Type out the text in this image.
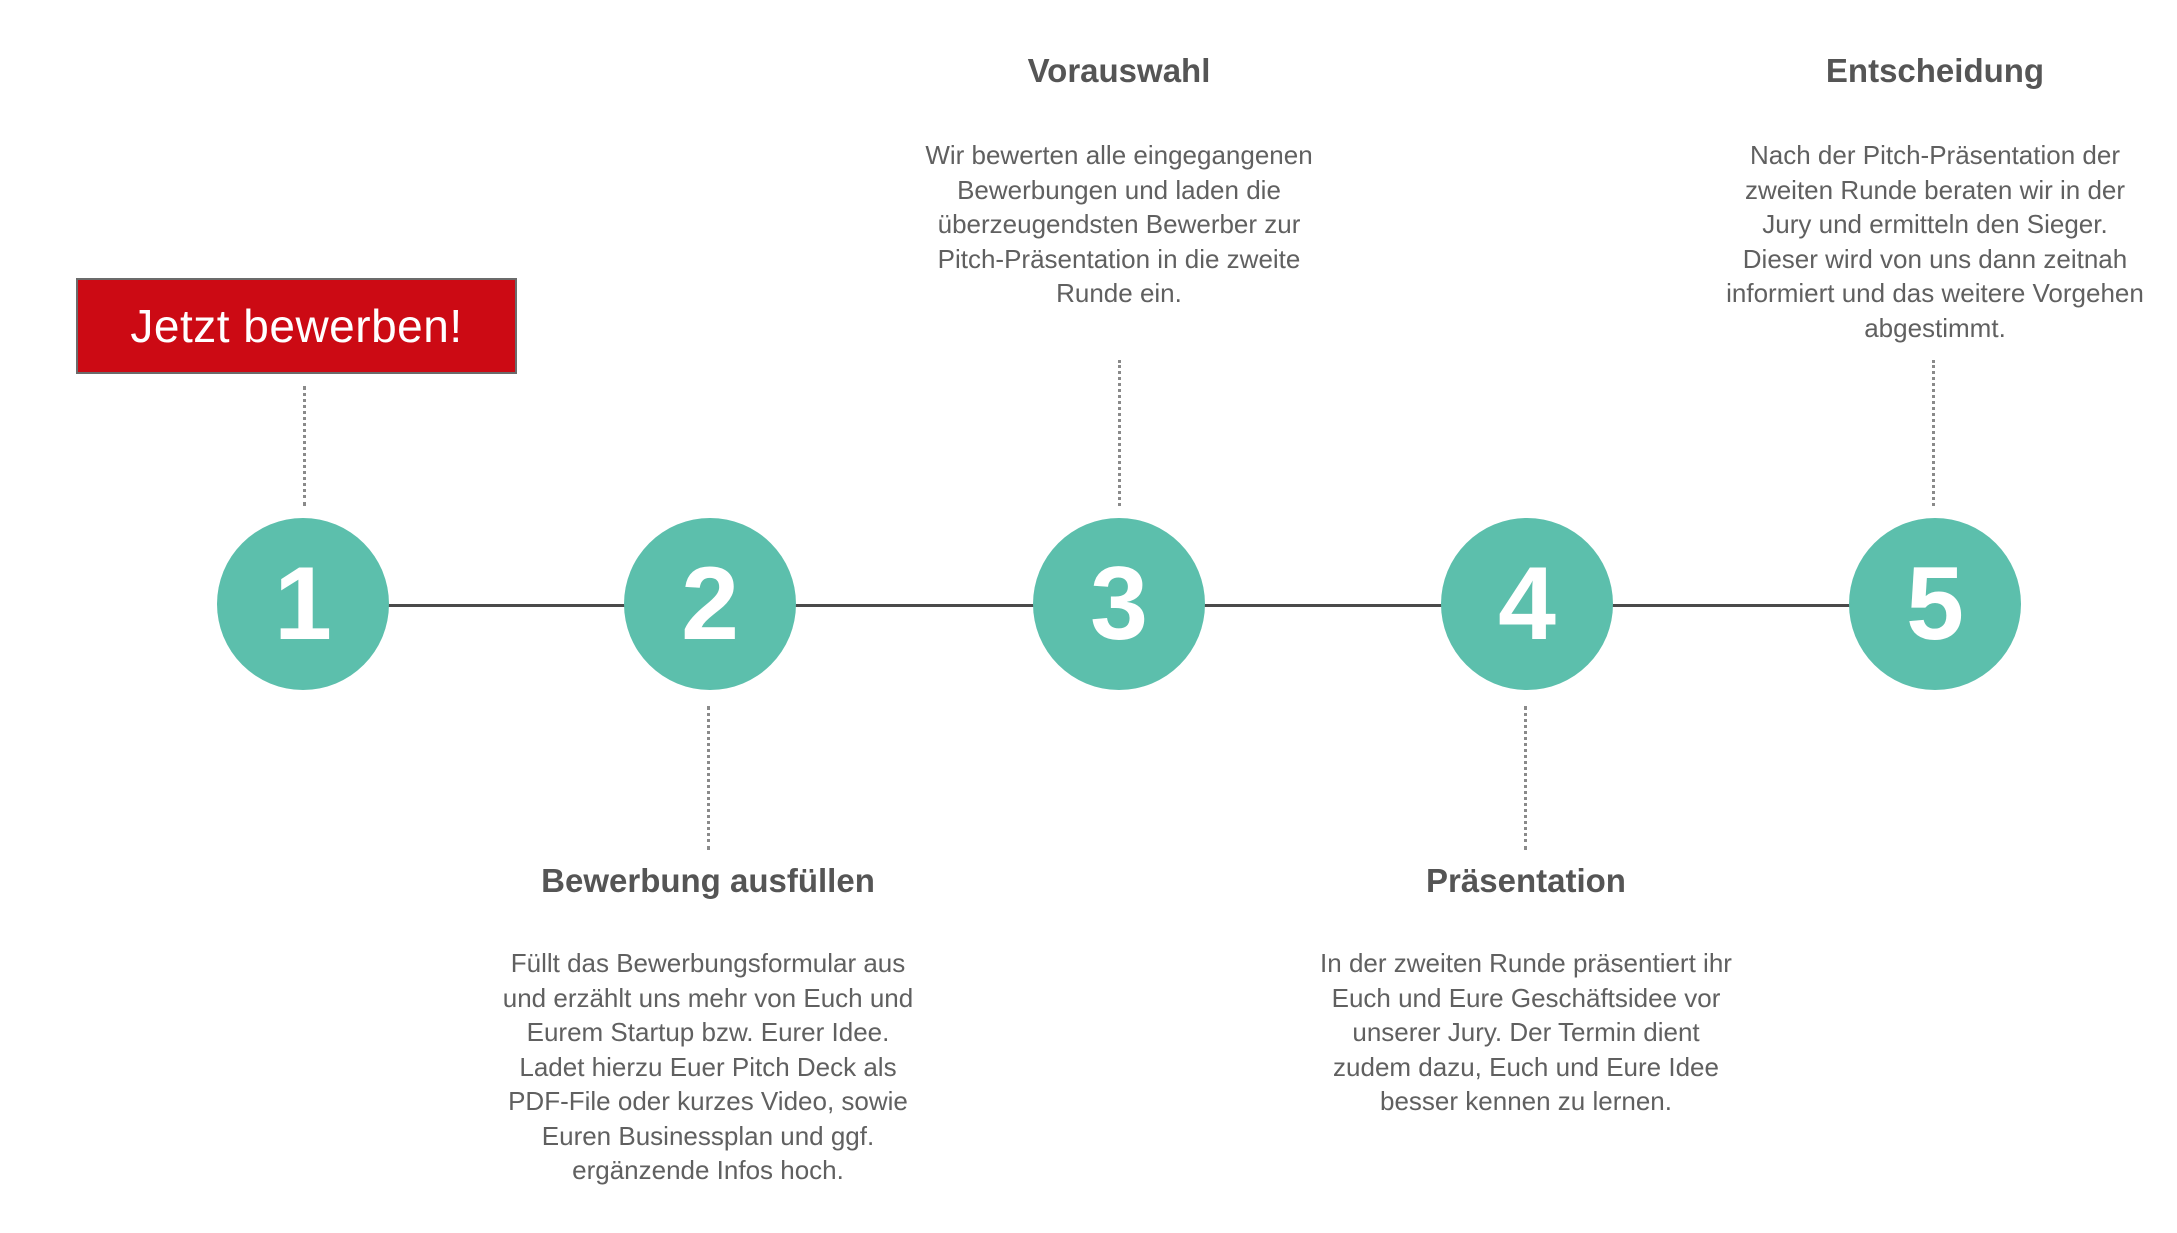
Jetzt bewerben!
1	2	3	4	5
Bewerbung ausfüllen
Füllt das Bewerbungsformular aus und erzählt uns mehr von Euch und Eurem Startup bzw. Eurer Idee. Ladet hierzu Euer Pitch Deck als PDF-File oder kurzes Video, sowie Euren Businessplan und ggf. ergänzende Infos hoch.
Vorauswahl
Wir bewerten alle eingegangenen Bewerbungen und laden die überzeugendsten Bewerber zur Pitch-Präsentation in die zweite Runde ein.
Präsentation
In der zweiten Runde präsentiert ihr Euch und Eure Geschäftsidee vor unserer Jury. Der Termin dient zudem dazu, Euch und Eure Idee besser kennen zu lernen.
Entscheidung
Nach der Pitch-Präsentation der zweiten Runde beraten wir in der Jury und ermitteln den Sieger. Dieser wird von uns dann zeitnah informiert und das weitere Vorgehen abgestimmt.
